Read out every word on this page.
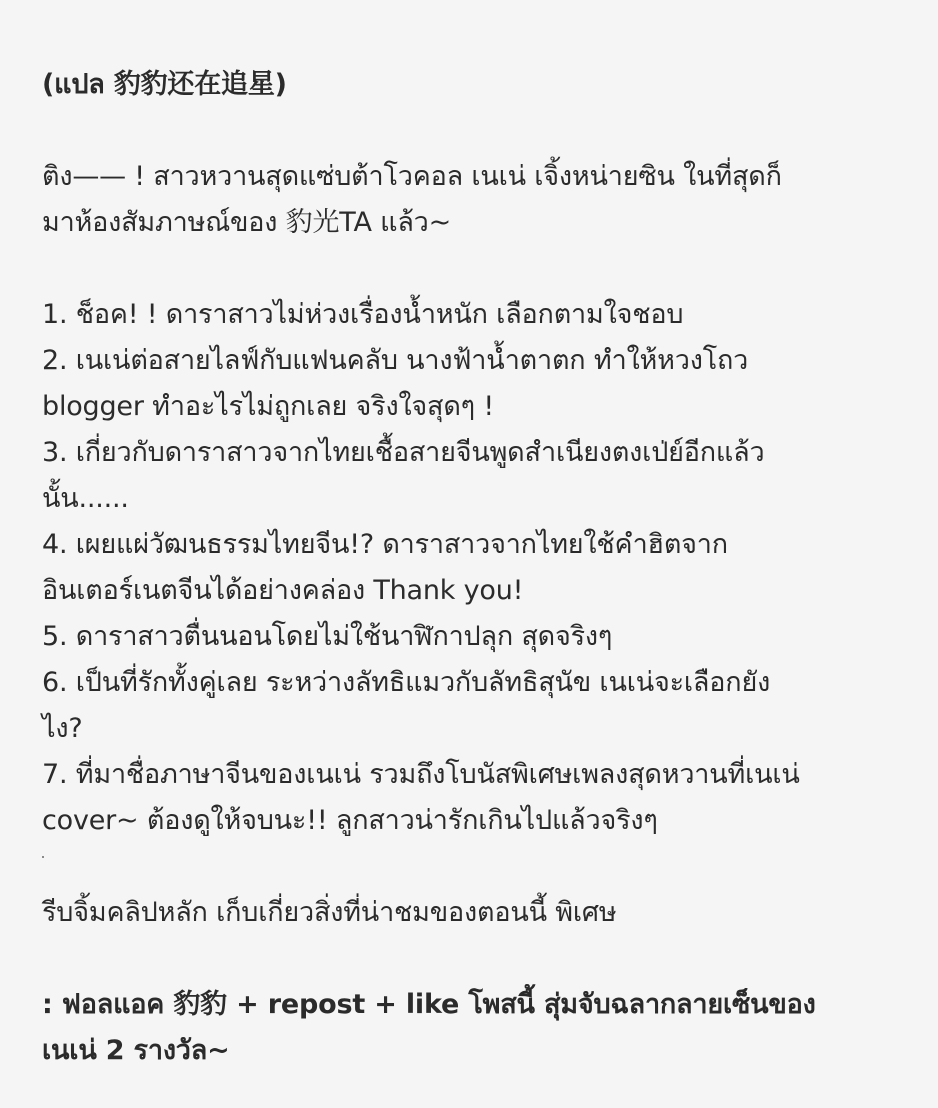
(แปล 豹豹还在追星)
ติง—— ! สาวหวานสุดแซ่บต้าโวคอล เนเน่ เจิ้งหน่ายซิน ในที่สุดก็
มาห้องสัมภาษณ์ของ 豹光TA แล้ว~
1. ช็อค! ! ดาราสาวไม่ห่วงเรื่องน้ำหนัก เลือกตามใจชอบ
2. เนเน่ต่อสายไลฟ์กับแฟนคลับ นางฟ้าน้ำตาตก ทำให้หวงโถว
blogger ทำอะไรไม่ถูกเลย จริงใจสุดๆ !
3. เกี่ยวกับดาราสาวจากไทยเชื้อสายจีนพูดสำเนียงตงเป่ย์อีกแล้ว
นั้น......
4. เผยแผ่วัฒนธรรมไทยจีน!? ดาราสาวจากไทยใช้คำฮิตจาก
อินเตอร์เนตจีนได้อย่างคล่อง Thank you!
5. ดาราสาวตื่นนอนโดยไม่ใช้นาฬิกาปลุก สุดจริงๆ
6. เป็นที่รักทั้งคู่เลย ระหว่างลัทธิแมวกับลัทธิสุนัข เนเน่จะเลือกยัง
ไง?
7. ที่มาชื่อภาษาจีนของเนเน่ รวมถึงโบนัสพิเศษเพลงสุดหวานที่เนเน่
cover~ ต้องดูให้จบนะ!! ลูกสาวน่ารักเกินไปแล้วจริงๆ
รีบจิ้มคลิปหลัก เก็บเกี่ยวสิ่งที่น่าชมของตอนนี้ พิเศษ
: ฟอลแอค 豹豹 + repost + like โพสนี้ สุ่มจับฉลากลายเซ็นของ
เนเน่ 2 รางวัล~
